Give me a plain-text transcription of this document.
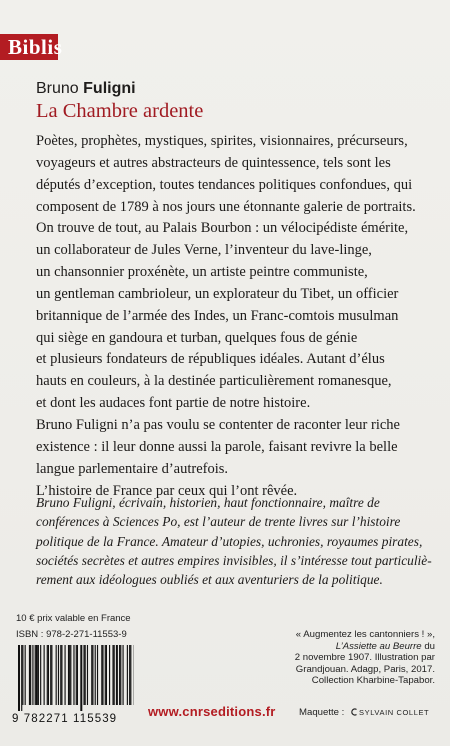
Biblis
Bruno Fuligni
La Chambre ardente

Poètes, prophètes, mystiques, spirites, visionnaires, précurseurs,

voyageurs et autres abstracteurs de quintessence, tels sont les

députés d’exception, toutes tendances politiques confondues, qui

composent de 1789 à nos jours une étonnante galerie de portraits.

On trouve de tout, au Palais Bourbon : un vélocipédiste émérite,

un collaborateur de Jules Verne, l’inventeur du lave-linge,

un chansonnier proxénète, un artiste peintre communiste,

un gentleman cambrioleur, un explorateur du Tibet, un officier

britannique de l’armée des Indes, un Franc-comtois musulman

qui siège en gandoura et turban, quelques fous de génie

et plusieurs fondateurs de républiques idéales. Autant d’élus

hauts en couleurs, à la destinée particulièrement romanesque,

et dont les audaces font partie de notre histoire.

Bruno Fuligni n’a pas voulu se contenter de raconter leur riche

existence : il leur donne aussi la parole, faisant revivre la belle

langue parlementaire d’autrefois.

L’histoire de France par ceux qui l’ont rêvée.

Bruno Fuligni, écrivain, historien, haut fonctionnaire, maître de

conférences à Sciences Po, est l’auteur de trente livres sur l’histoire

politique de la France. Amateur d’utopies, uchronies, royaumes pirates,

sociétés secrètes et autres empires invisibles, il s’intéresse tout particuliè-

rement aux idéologues oubliés et aux aventuriers de la politique.

10 € prix valable en France
ISBN : 978-2-271-11553-9
9 782271 115539	www.cnrseditions.fr

« Augmentez les cantonniers ! »,

L’Assiette au Beurre du

2 novembre 1907. Illustration par

Grandjouan. Adagp, Paris, 2017.

Collection Kharbine-Tapabor.

Maquette : SYLVAIN COLLET
